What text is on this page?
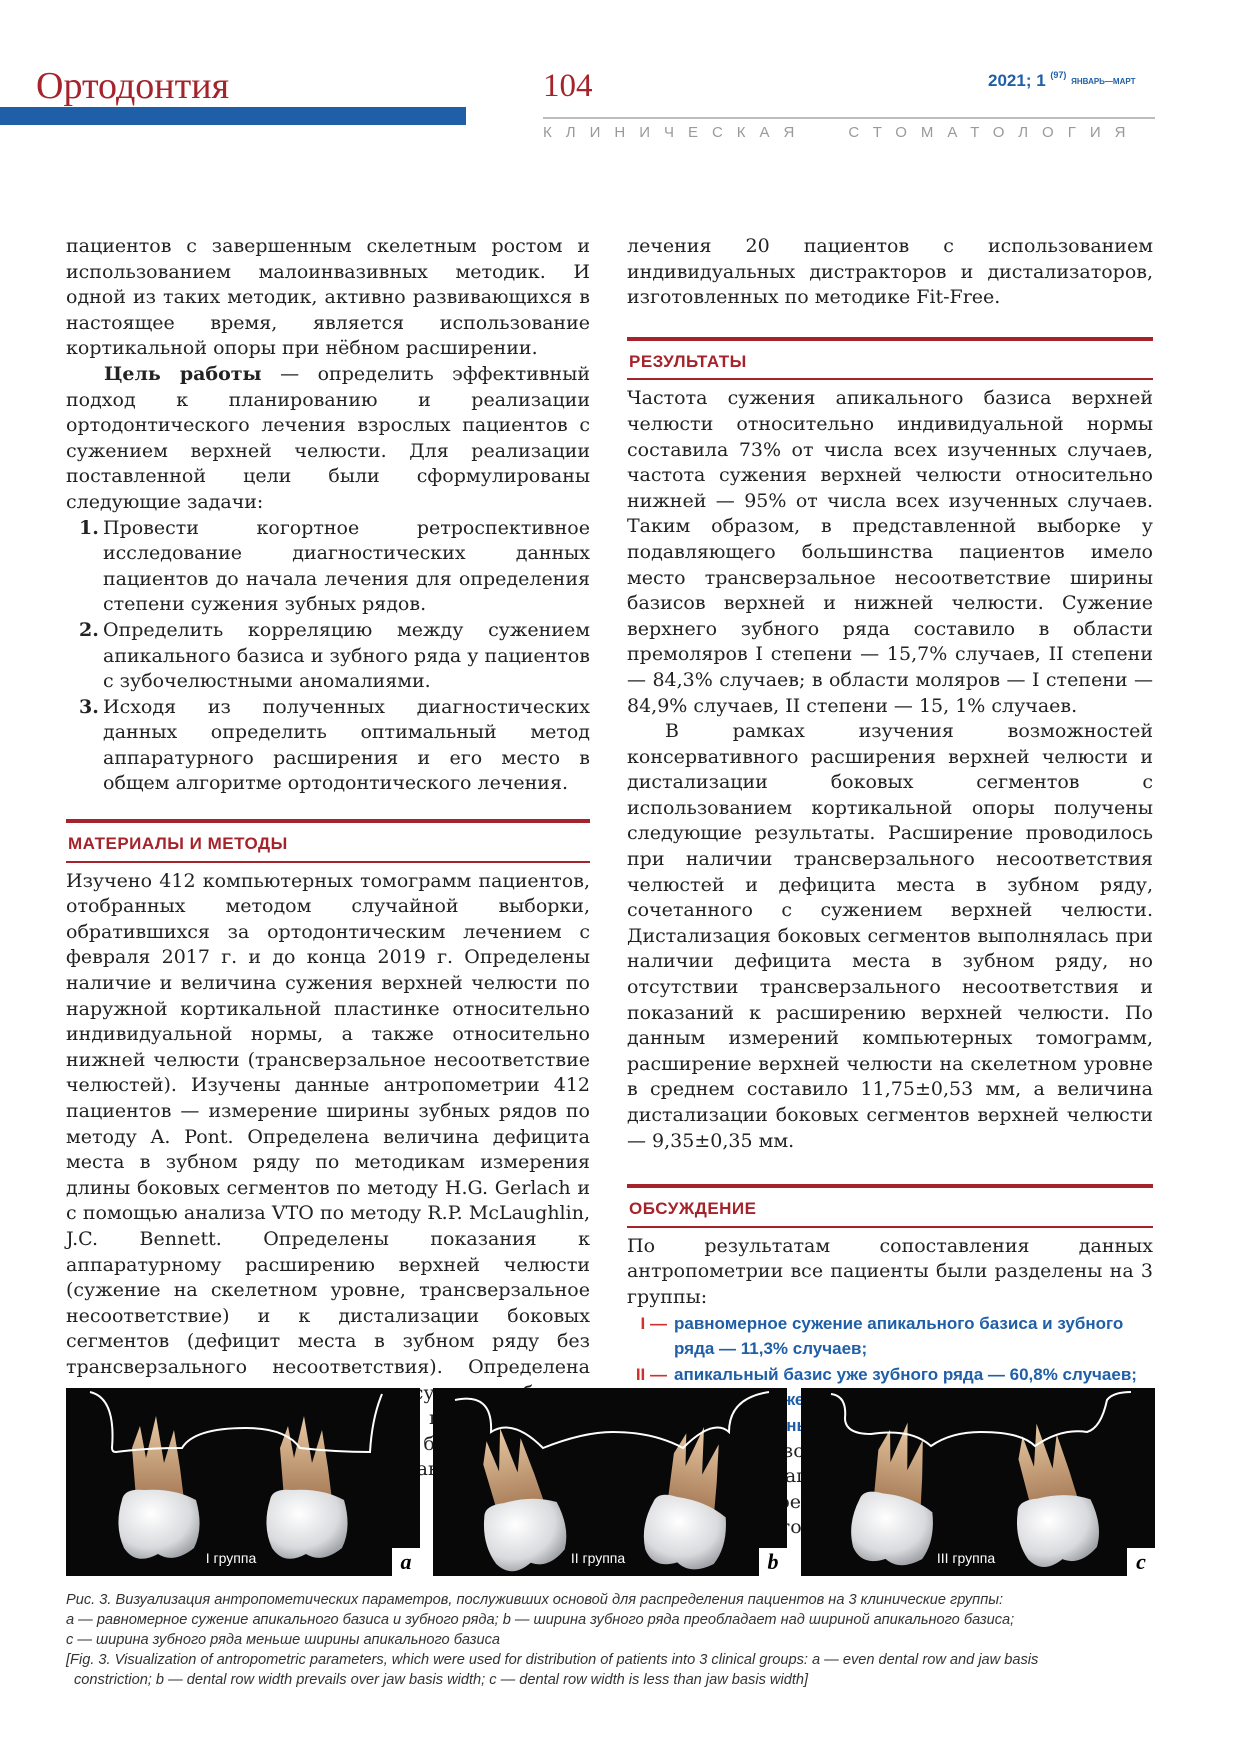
Ортодонтия	104	2021; 1 $^{(97)}$ ЯНВАРЬ—МАРТ
КЛИНИЧЕСКАЯ	СТОМАТОЛОГИЯ

пациентов с завершенным скелетным ростом и использованием малоинвазивных методик. И одной из таких методик, активно развивающихся в настоящее время, является использование кортикальной опоры при нёбном расширении.

Цель работы — определить эффективный подход к планированию и реализации ортодонтического лечения взрослых пациентов с сужением верхней челюсти. Для реализации поставленной цели были сформулированы следующие задачи:

1. Провести когортное ретроспективное исследование диагностических данных пациентов до начала лечения для определения степени сужения зубных рядов.
2. Определить корреляцию между сужением апикального базиса и зубного ряда у пациентов с зубочелюстными аномалиями.
3. Исходя из полученных диагностических данных определить оптимальный метод аппаратурного расширения и его место в общем алгоритме ортодонтического лечения.
МАТЕРИАЛЫ И МЕТОДЫ

Изучено 412 компьютерных томограмм пациентов, отобранных методом случайной выборки, обратившихся за ортодонтическим лечением с февраля 2017 г. и до конца 2019 г. Определены наличие и величина сужения верхней челюсти по наружной кортикальной пластинке относительно индивидуальной нормы, а также относительно нижней челюсти (трансверзальное несоответствие челюстей). Изучены данные антропометрии 412 пациентов — измерение ширины зубных рядов по методу A. Pont. Определена величина дефицита места в зубном ряду по методикам измерения длины боковых сегментов по методу H.G. Gerlach и с помощью анализа VTO по методу R.P. McLaughlin, J.C. Bennett. Определены показания к аппаратурному расширению верхней челюсти (сужение на скелетном уровне, трансверзальное несоответствие) и к дистализации боковых сегментов (дефицит места в зубном ряду без трансверзального несоответствия). Определена

лечения 20 пациентов с использованием индивидуальных дистракторов и дистализаторов, изготовленных по методике Fit-Free.

РЕЗУЛЬТАТЫ

Частота сужения апикального базиса верхней челюсти относительно индивидуальной нормы составила 73% от числа всех изученных случаев, частота сужения верхней челюсти относительно нижней — 95% от числа всех изученных случаев. Таким образом, в представленной выборке у подавляющего большинства пациентов имело место трансверзальное несоответствие ширины базисов верхней и нижней челюсти. Сужение верхнего зубного ряда составило в области премоляров I степени — 15,7% случаев, II степени — 84,3% случаев; в области моляров — I степени — 84,9% случаев, II степени — 15, 1% случаев.

В рамках изучения возможностей консервативного расширения верхней челюсти и дистализации боковых сегментов с использованием кортикальной опоры получены следующие результаты. Расширение проводилось при наличии трансверзального несоответствия челюстей и дефицита места в зубном ряду, сочетанного с сужением верхней челюсти. Дистализация боковых сегментов выполнялась при наличии дефицита места в зубном ряду, но отсутствии трансверзального несоответствия и показаний к расширению верхней челюсти. По данным измерений компьютерных томограмм, расширение верхней челюсти на скелетном уровне в среднем составило 11,75±0,53 мм, а величина дистализации боковых сегментов верхней челюсти — 9,35±0,35 мм.

ОБСУЖДЕНИЕ

По результатам сопоставления данных антропометрии все пациенты были разделены на 3 группы:

I — равномерное сужение апикального базиса и зубного ряда — 11,3% случаев;
II — апикальный базис уже зубного ряда — 60,8% случаев;
уже

I группа	a	II группа	b	III группа	c

Рис. 3. Визуализация антропометических параметров, послуживших основой для распределения пациентов на 3 клинические группы:

a — равномерное сужение апикального базиса и зубного ряда; b — ширина зубного ряда преобладает над шириной апикального базиса;

c — ширина зубного ряда меньше ширины апикального базиса

[Fig. 3. Visualization of antropometric parameters, which were used for distribution of patients into 3 clinical groups: a — even dental row and jaw basis

constriction; b — dental row width prevails over jaw basis width; c — dental row width is less than jaw basis width]
